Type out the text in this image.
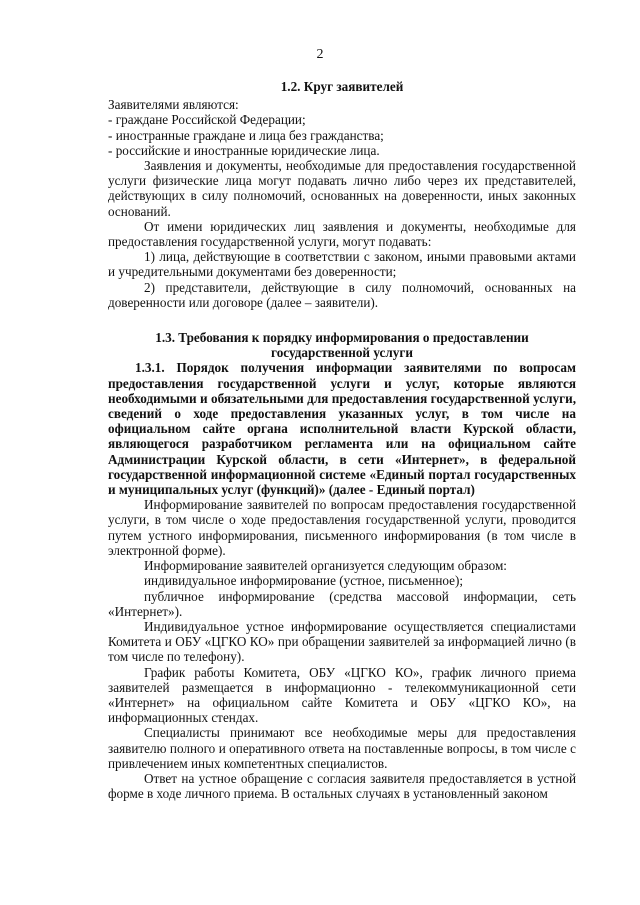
2
1.2. Круг заявителей

Заявителями являются:

- граждане Российской Федерации;

- иностранные граждане и лица без гражданства;

- российские и иностранные юридические лица.

Заявления и документы, необходимые для предоставления государственной услуги физические лица могут подавать лично либо через их представителей, действующих в силу полномочий, основанных на доверенности, иных законных оснований.

От имени юридических лиц заявления и документы, необходимые для предоставления государственной услуги, могут подавать:

1) лица, действующие в соответствии с законом, иными правовыми актами и учредительными документами без доверенности;

2) представители, действующие в силу полномочий, основанных на доверенности или договоре (далее – заявители).

1.3. Требования к порядку информирования о предоставлении
государственной услуги

1.3.1. Порядок получения информации заявителями по вопросам предоставления государственной услуги и услуг, которые являются необходимыми и обязательными для предоставления государственной услуги, сведений о ходе предоставления указанных услуг, в том числе на официальном сайте органа исполнительной власти Курской области, являющегося разработчиком регламента или на официальном сайте Администрации Курской области, в сети «Интернет», в федеральной государственной информационной системе «Единый портал государственных и муниципальных услуг (функций)» (далее - Единый портал)

Информирование заявителей по вопросам предоставления государственной услуги, в том числе о ходе предоставления государственной услуги, проводится путем устного информирования, письменного информирования (в том числе в электронной форме).

Информирование заявителей организуется следующим образом:

индивидуальное информирование (устное, письменное);

публичное информирование (средства массовой информации, сеть «Интернет»).

Индивидуальное устное информирование осуществляется специалистами Комитета и ОБУ «ЦГКО КО» при обращении заявителей за информацией лично (в том числе по телефону).

График работы Комитета, ОБУ «ЦГКО КО», график личного приема заявителей размещается в информационно - телекоммуникационной сети «Интернет» на официальном сайте Комитета и ОБУ «ЦГКО КО», на информационных стендах.

Специалисты принимают все необходимые меры для предоставления заявителю полного и оперативного ответа на поставленные вопросы, в том числе с привлечением иных компетентных специалистов.

Ответ на устное обращение с согласия заявителя предоставляется в устной форме в ходе личного приема. В остальных случаях в установленный законом
